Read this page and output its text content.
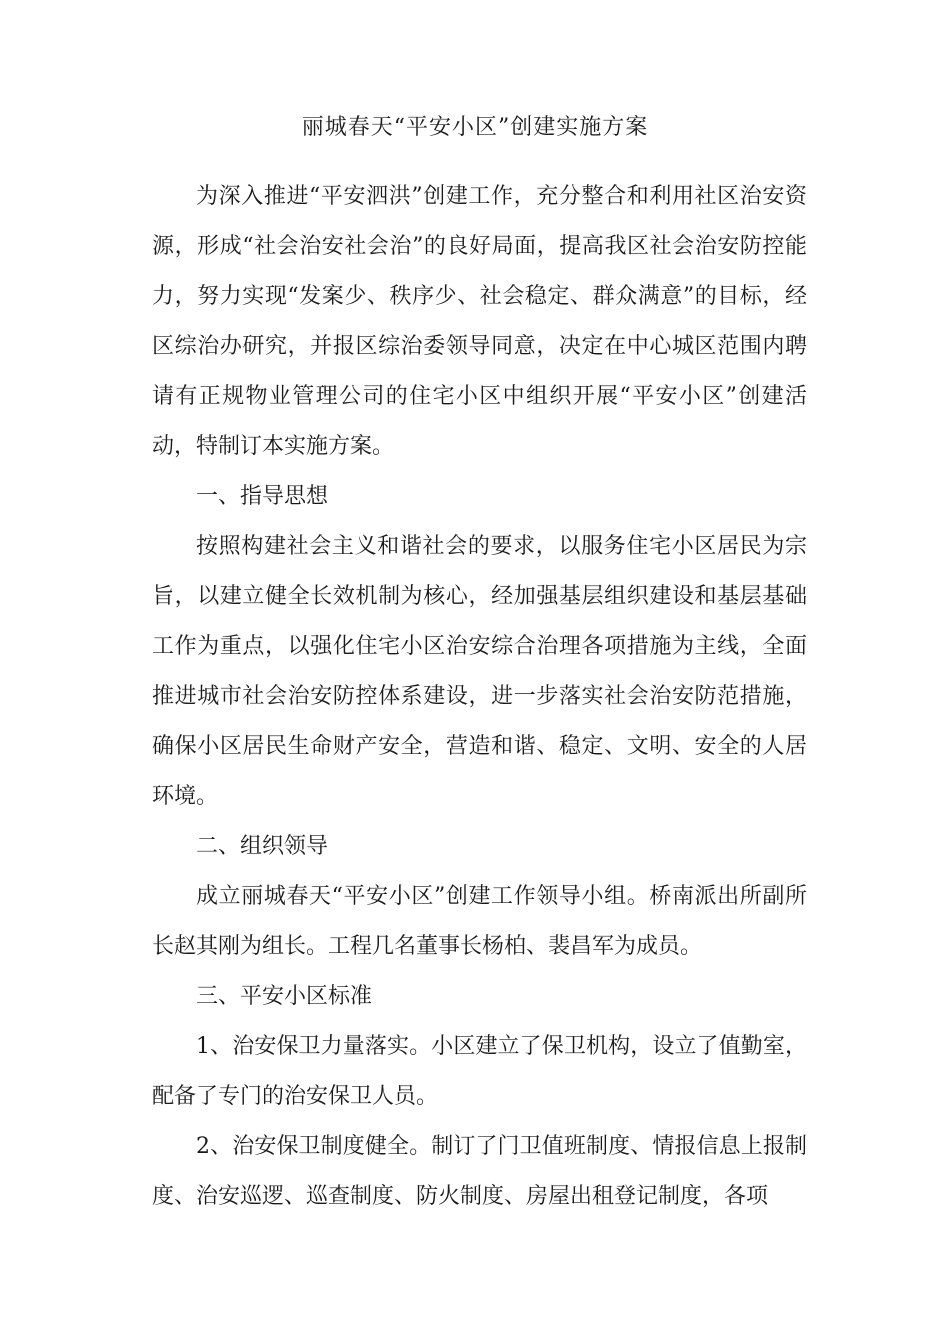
丽城春天“平安小区”创建实施方案

为深入推进“平安泗洪”创建工作，充分整合和利用社区治安资源，形成“社会治安社会治”的良好局面，提高我区社会治安防控能力，努力实现“发案少、秩序少、社会稳定、群众满意”的目标，经区综治办研究，并报区综治委领导同意，决定在中心城区范围内聘请有正规物业管理公司的住宅小区中组织开展“平安小区”创建活动，特制订本实施方案。

一、指导思想

按照构建社会主义和谐社会的要求，以服务住宅小区居民为宗旨，以建立健全长效机制为核心，经加强基层组织建设和基层基础工作为重点，以强化住宅小区治安综合治理各项措施为主线，全面推进城市社会治安防控体系建设，进一步落实社会治安防范措施，确保小区居民生命财产安全，营造和谐、稳定、文明、安全的人居环境。

二、组织领导

成立丽城春天“平安小区”创建工作领导小组。桥南派出所副所长赵其刚为组长。工程几名董事长杨柏、裴昌军为成员。

三、平安小区标准

1、治安保卫力量落实。小区建立了保卫机构，设立了值勤室，配备了专门的治安保卫人员。

2、治安保卫制度健全。制订了门卫值班制度、情报信息上报制度、治安巡逻、巡查制度、防火制度、房屋出租登记制度，各项
